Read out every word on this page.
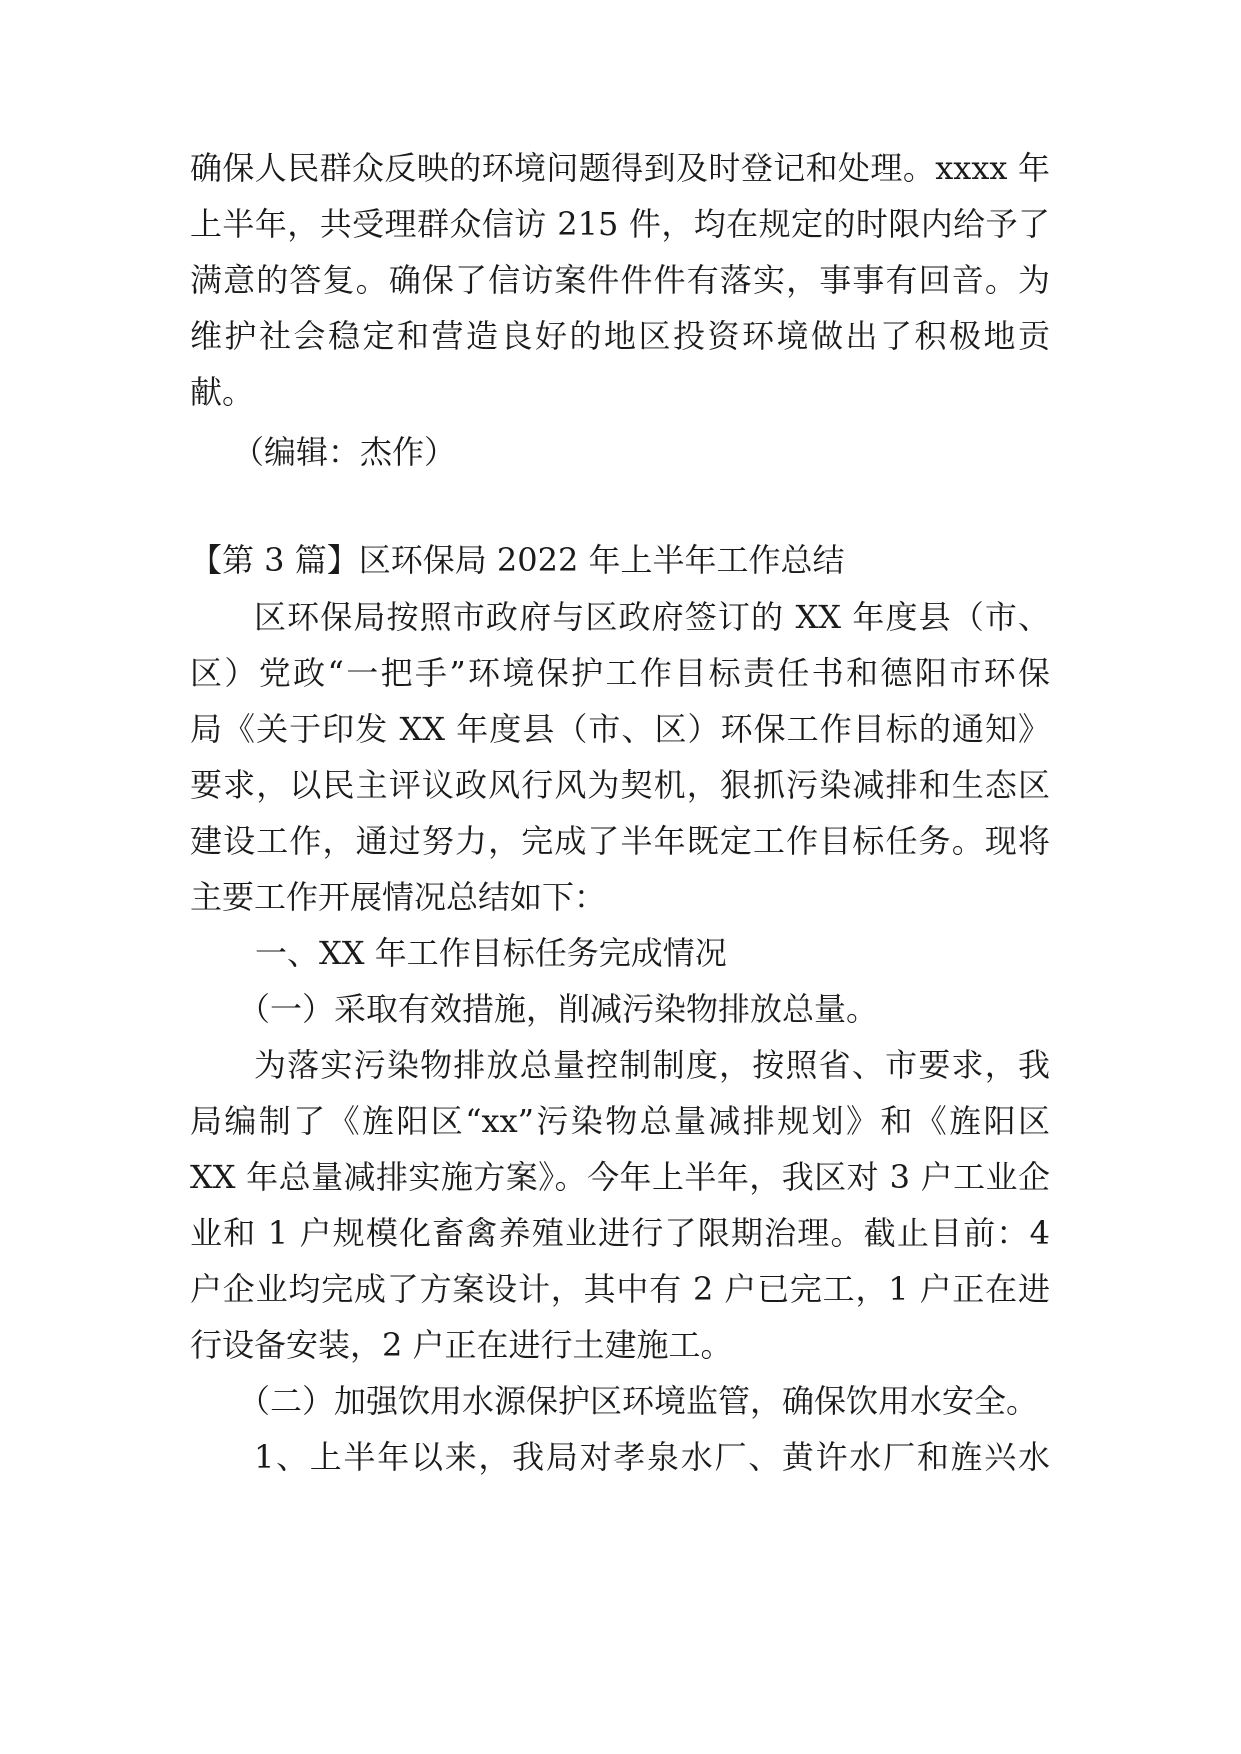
确保人民群众反映的环境问题得到及时登记和处理。xxxx 年
上半年，共受理群众信访 215 件，均在规定的时限内给予了
满意的答复。确保了信访案件件件有落实，事事有回音。为
维护社会稳定和营造良好的地区投资环境做出了积极地贡
献。
（编辑：杰作）
【第 3 篇】区环保局 2022 年上半年工作总结
区环保局按照市政府与区政府签订的 XX 年度县（市、
区）党政“一把手”环境保护工作目标责任书和德阳市环保
局《关于印发 XX 年度县（市、区）环保工作目标的通知》
要求，以民主评议政风行风为契机，狠抓污染减排和生态区
建设工作，通过努力，完成了半年既定工作目标任务。现将
主要工作开展情况总结如下：
一、XX 年工作目标任务完成情况
（一）采取有效措施，削减污染物排放总量。
为落实污染物排放总量控制制度，按照省、市要求，我
局编制了《旌阳区“xx”污染物总量减排规划》和《旌阳区
XX 年总量减排实施方案》。今年上半年，我区对 3 户工业企
业和 1 户规模化畜禽养殖业进行了限期治理。截止目前：4
户企业均完成了方案设计，其中有 2 户已完工，1 户正在进
行设备安装，2 户正在进行土建施工。
（二）加强饮用水源保护区环境监管，确保饮用水安全。
1、上半年以来，我局对孝泉水厂、黄许水厂和旌兴水
